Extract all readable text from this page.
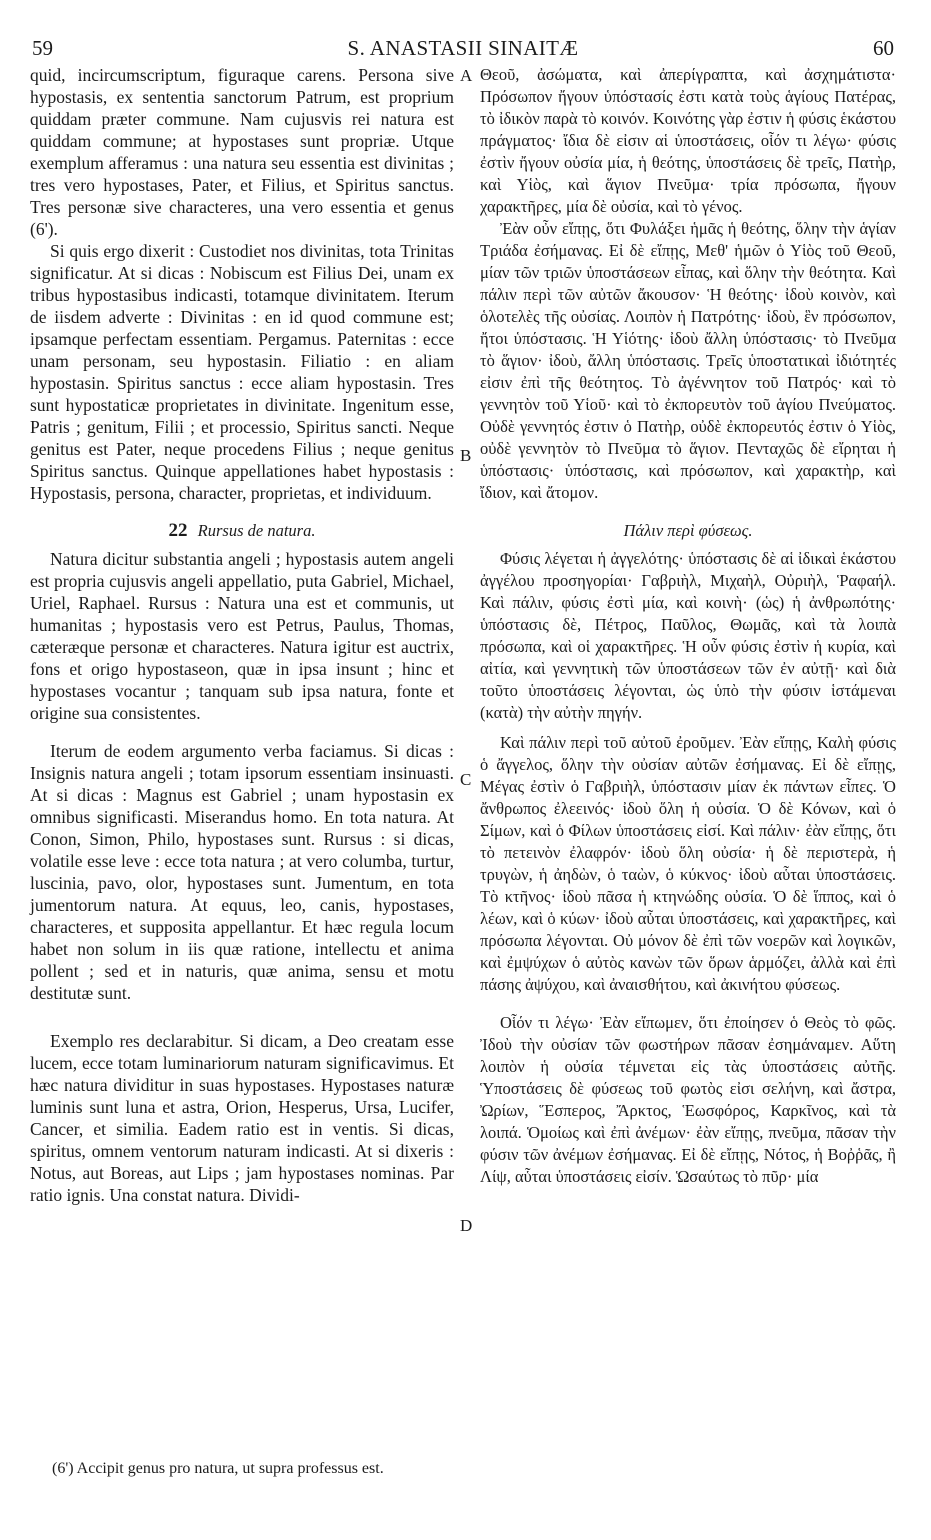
59	S. ANASTASII SINAITÆ	60

quid, incircumscriptum, figuraque carens. Persona sive hypostasis, ex sententia sanctorum Patrum, est proprium quiddam præter commune. Nam cujusvis rei natura est quiddam commune; at hypostases sunt propriæ. Utque exemplum afferamus : una natura seu essentia est divinitas ; tres vero hypostases, Pater, et Filius, et Spiritus sanctus. Tres personæ sive characteres, una vero essentia et genus (6').

Si quis ergo dixerit : Custodiet nos divinitas, tota Trinitas significatur. At si dicas : Nobiscum est Filius Dei, unam ex tribus hypostasibus indicasti, totamque divinitatem. Iterum de iisdem adverte : Divinitas : en id quod commune est; ipsamque perfectam essentiam. Pergamus. Paternitas : ecce unam personam, seu hypostasin. Filiatio : en aliam hypostasin. Spiritus sanctus : ecce aliam hypostasin. Tres sunt hypostaticæ proprietates in divinitate. Ingenitum esse, Patris ; genitum, Filii ; et processio, Spiritus sancti. Neque genitus est Pater, neque procedens Filius ; neque genitus Spiritus sanctus. Quinque appellationes habet hypostasis : Hypostasis, persona, character, proprietas, et individuum.

22 Rursus de natura.

Natura dicitur substantia angeli ; hypostasis autem angeli est propria cujusvis angeli appellatio, puta Gabriel, Michael, Uriel, Raphael. Rursus : Natura una est et communis, ut humanitas ; hypostasis vero est Petrus, Paulus, Thomas, cæteræque personæ et characteres. Natura igitur est auctrix, fons et origo hypostaseon, quæ in ipsa insunt ; hinc et hypostases vocantur ; tanquam sub ipsa natura, fonte et origine sua consistentes.

Iterum de eodem argumento verba faciamus. Si dicas : Insignis natura angeli ; totam ipsorum essentiam insinuasti. At si dicas : Magnus est Gabriel ; unam hypostasin ex omnibus significasti. Miserandus homo. En tota natura. At Conon, Simon, Philo, hypostases sunt. Rursus : si dicas, volatile esse leve : ecce tota natura ; at vero columba, turtur, luscinia, pavo, olor, hypostases sunt. Jumentum, en tota jumentorum natura. At equus, leo, canis, hypostases, characteres, et supposita appellantur. Et hæc regula locum habet non solum in iis quæ ratione, intellectu et anima pollent ; sed et in naturis, quæ anima, sensu et motu destitutæ sunt.

Exemplo res declarabitur. Si dicam, a Deo creatam esse lucem, ecce totam luminariorum naturam significavimus. Et hæc natura dividitur in suas hypostases. Hypostases naturæ luminis sunt luna et astra, Orion, Hesperus, Ursa, Lucifer, Cancer, et similia. Eadem ratio est in ventis. Si dicas, spiritus, omnem ventorum naturam indicasti. At si dixeris : Notus, aut Boreas, aut Lips ; jam hypostases nominas. Par ratio ignis. Una constat natura. Dividi-

A
B
C
D

Θεοῦ, ἀσώματα, καὶ ἀπερίγραπτα, καὶ ἀσχημάτιστα· Πρόσωπον ἤγουν ὑπόστασίς ἐστι κατὰ τοὺς ἁγίους Πατέρας, τὸ ἰδικὸν παρὰ τὸ κοινόν. Κοινότης γὰρ ἐστιν ἡ φύσις ἑκάστου πράγματος· ἴδια δὲ εἰσιν αἱ ὑποστάσεις, οἷόν τι λέγω· φύσις ἐστὶν ἤγουν οὐσία μία, ἡ θεότης, ὑποστάσεις δὲ τρεῖς, Πατὴρ, καὶ Υἱὸς, καὶ ἅγιον Πνεῦμα· τρία πρόσωπα, ἤγουν χαρακτῆρες, μία δὲ οὐσία, καὶ τὸ γένος.

Ἐὰν οὖν εἴπῃς, ὅτι Φυλάξει ἡμᾶς ἡ θεότης, ὅλην τὴν ἁγίαν Τριάδα ἐσήμανας. Εἰ δὲ εἴπῃς, Μεθ' ἡμῶν ὁ Υἱὸς τοῦ Θεοῦ, μίαν τῶν τριῶν ὑποστάσεων εἶπας, καὶ ὅλην τὴν θεότητα. Καὶ πάλιν περὶ τῶν αὐτῶν ἄκουσον· Ἡ θεότης· ἰδοὺ κοινὸν, καὶ ὁλοτελὲς τῆς οὐσίας. Λοιπὸν ἡ Πατρότης· ἰδοὺ, ἓν πρόσωπον, ἤτοι ὑπόστασις. Ἡ Υἱότης· ἰδοὺ ἄλλη ὑπόστασις· τὸ Πνεῦμα τὸ ἅγιον· ἰδοὺ, ἄλλη ὑπόστασις. Τρεῖς ὑποστατικαὶ ἰδιότητές εἰσιν ἐπὶ τῆς θεότητος. Τὸ ἀγέννητον τοῦ Πατρός· καὶ τὸ γεννητὸν τοῦ Υἱοῦ· καὶ τὸ ἐκπορευτὸν τοῦ ἁγίου Πνεύματος. Οὐδὲ γεννητός ἐστιν ὁ Πατὴρ, οὐδὲ ἐκπορευτός ἐστιν ὁ Υἱὸς, οὐδὲ γεννητὸν τὸ Πνεῦμα τὸ ἅγιον. Πενταχῶς δὲ εἴρηται ἡ ὑπόστασις· ὑπόστασις, καὶ πρόσωπον, καὶ χαρακτὴρ, καὶ ἴδιον, καὶ ἄτομον.

Πάλιν περὶ φύσεως.

Φύσις λέγεται ἡ ἀγγελότης· ὑπόστασις δὲ αἱ ἰδικαὶ ἑκάστου ἀγγέλου προσηγορίαι· Γαβριὴλ, Μιχαὴλ, Οὐριὴλ, Ῥαφαήλ. Καὶ πάλιν, φύσις ἐστὶ μία, καὶ κοινὴ· (ὡς) ἡ ἀνθρωπότης· ὑπόστασις δὲ, Πέτρος, Παῦλος, Θωμᾶς, καὶ τὰ λοιπὰ πρόσωπα, καὶ οἱ χαρακτῆρες. Ἡ οὖν φύσις ἐστὶν ἡ κυρία, καὶ αἰτία, καὶ γεννητικὴ τῶν ὑποστάσεων τῶν ἐν αὐτῇ· καὶ διὰ τοῦτο ὑποστάσεις λέγονται, ὡς ὑπὸ τὴν φύσιν ἱστάμεναι (κατὰ) τὴν αὐτὴν πηγήν.

Καὶ πάλιν περὶ τοῦ αὐτοῦ ἐροῦμεν. Ἐὰν εἴπῃς, Καλὴ φύσις ὁ ἄγγελος, ὅλην τὴν οὐσίαν αὐτῶν ἐσήμανας. Εἰ δὲ εἴπῃς, Μέγας ἐστὶν ὁ Γαβριὴλ, ὑπόστασιν μίαν ἐκ πάντων εἶπες. Ὁ ἄνθρωπος ἐλεεινός· ἰδοὺ ὅλη ἡ οὐσία. Ὁ δὲ Κόνων, καὶ ὁ Σίμων, καὶ ὁ Φίλων ὑποστάσεις εἰσί. Καὶ πάλιν· ἐὰν εἴπῃς, ὅτι τὸ πετεινὸν ἐλαφρόν· ἰδοὺ ὅλη οὐσία· ἡ δὲ περιστερὰ, ἡ τρυγὼν, ἡ ἀηδὼν, ὁ ταὼν, ὁ κύκνος· ἰδοὺ αὗται ὑποστάσεις. Τὸ κτῆνος· ἰδοὺ πᾶσα ἡ κτηνώδης οὐσία. Ὁ δὲ ἵππος, καὶ ὁ λέων, καὶ ὁ κύων· ἰδοὺ αὗται ὑποστάσεις, καὶ χαρακτῆρες, καὶ πρόσωπα λέγονται. Οὐ μόνον δὲ ἐπὶ τῶν νοερῶν καὶ λογικῶν, καὶ ἐμψύχων ὁ αὐτὸς κανὼν τῶν ὅρων ἁρμόζει, ἀλλὰ καὶ ἐπὶ πάσης ἀψύχου, καὶ ἀναισθήτου, καὶ ἀκινήτου φύσεως.

Οἷόν τι λέγω· Ἐὰν εἴπωμεν, ὅτι ἐποίησεν ὁ Θεὸς τὸ φῶς. Ἰδοὺ τὴν οὐσίαν τῶν φωστήρων πᾶσαν ἐσημάναμεν. Αὕτη λοιπὸν ἡ οὐσία τέμνεται εἰς τὰς ὑποστάσεις αὐτῆς. Ὑποστάσεις δὲ φύσεως τοῦ φωτὸς εἰσι σελήνη, καὶ ἄστρα, Ὠρίων, Ἕσπερος, Ἄρκτος, Ἑωσφόρος, Καρκῖνος, καὶ τὰ λοιπά. Ὁμοίως καὶ ἐπὶ ἀνέμων· ἐὰν εἴπῃς, πνεῦμα, πᾶσαν τὴν φύσιν τῶν ἀνέμων ἐσήμανας. Εἰ δὲ εἴπῃς, Νότος, ἡ Βοῤῥᾶς, ἢ Λίψ, αὗται ὑποστάσεις εἰσίν. Ὡσαύτως τὸ πῦρ· μία

(6') Accipit genus pro natura, ut supra professus est.
